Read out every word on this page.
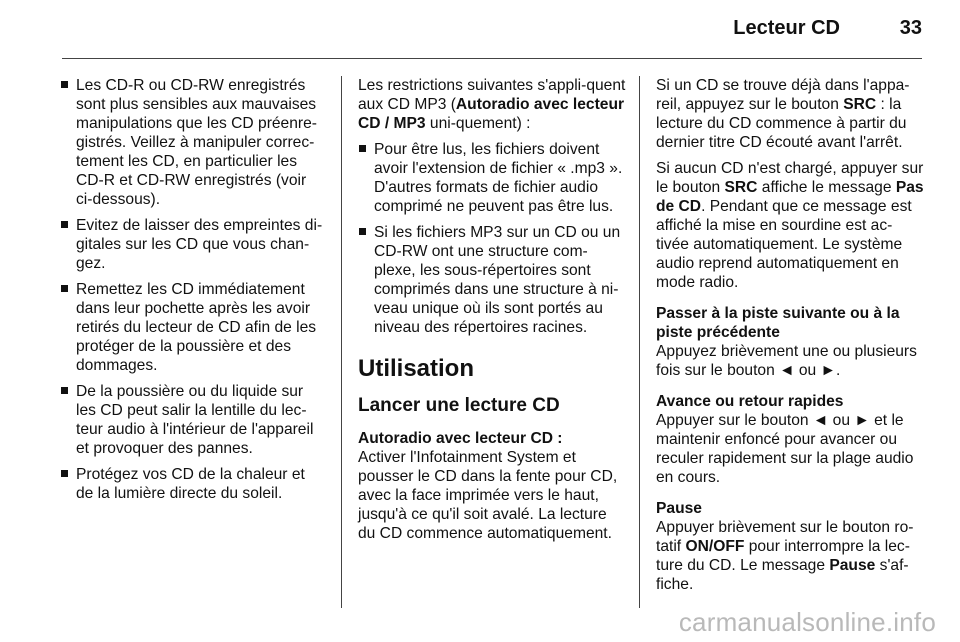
Lecteur CD	33
Les CD-R ou CD-RW enregistrés sont plus sensibles aux mauvaises manipulations que les CD préenre-gistrés. Veillez à manipuler correc-tement les CD, en particulier les CD-R et CD-RW enregistrés (voir ci-dessous).
Evitez de laisser des empreintes di-gitales sur les CD que vous chan-gez.
Remettez les CD immédiatement dans leur pochette après les avoir retirés du lecteur de CD afin de les protéger de la poussière et des dommages.
De la poussière ou du liquide sur les CD peut salir la lentille du lec-teur audio à l'intérieur de l'appareil et provoquer des pannes.
Protégez vos CD de la chaleur et de la lumière directe du soleil.

Les restrictions suivantes s'appli-quent aux CD MP3 (Autoradio avec lecteur CD / MP3 uni-quement) :

Pour être lus, les fichiers doivent avoir l'extension de fichier « .mp3 ». D'autres formats de fichier audio comprimé ne peuvent pas être lus.
Si les fichiers MP3 sur un CD ou un CD-RW ont une structure com-plexe, les sous-répertoires sont comprimés dans une structure à ni-veau unique où ils sont portés au niveau des répertoires racines.
Utilisation
Lancer une lecture CD

Autoradio avec lecteur CD :

Activer l'Infotainment System et pousser le CD dans la fente pour CD, avec la face imprimée vers le haut, jusqu'à ce qu'il soit avalé. La lecture du CD commence automatiquement.

Si un CD se trouve déjà dans l'appa-reil, appuyez sur le bouton SRC : la lecture du CD commence à partir du dernier titre CD écouté avant l'arrêt.

Si aucun CD n'est chargé, appuyer sur le bouton SRC affiche le message Pas de CD. Pendant que ce message est affiché la mise en sourdine est ac-tivée automatiquement. Le système audio reprend automatiquement en mode radio.

Passer à la piste suivante ou à la piste précédente

Appuyez brièvement une ou plusieurs fois sur le bouton ◄ ou ►.

Avance ou retour rapides

Appuyer sur le bouton ◄ ou ► et le maintenir enfoncé pour avancer ou reculer rapidement sur la plage audio en cours.

Pause

Appuyer brièvement sur le bouton ro-tatif ON/OFF pour interrompre la lec-ture du CD. Le message Pause s'af-fiche.

carmanualsonline.info
